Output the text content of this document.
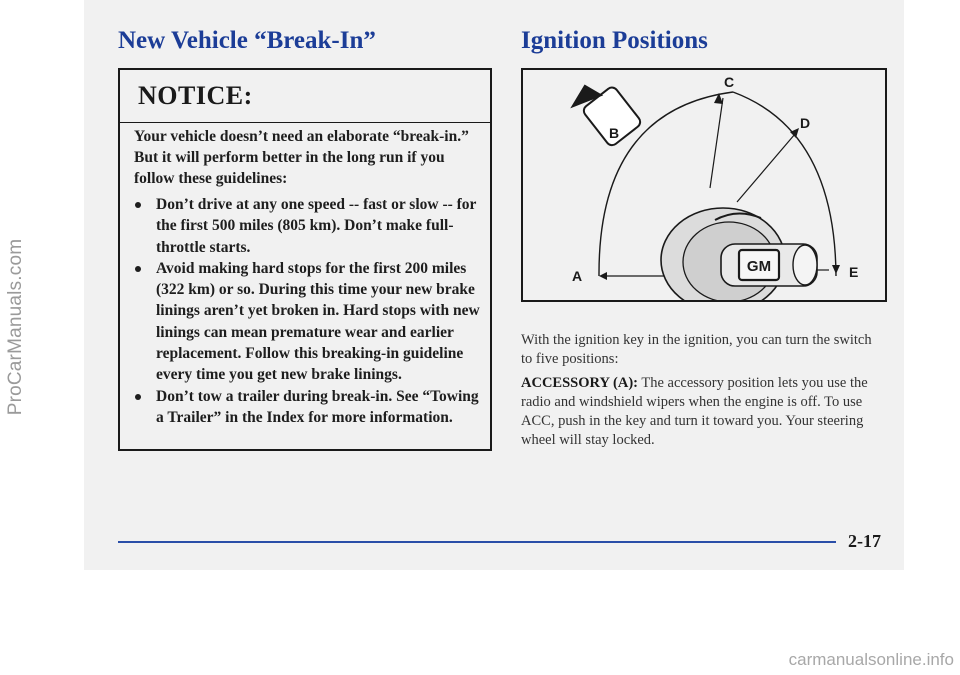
ProCarManuals.com
New Vehicle “Break-In”
NOTICE:
Your vehicle doesn’t need an elaborate “break-in.” But it will perform better in the long run if you follow these guidelines:
Don’t drive at any one speed -- fast or slow -- for the first 500 miles (805 km). Don’t make full-throttle starts.
Avoid making hard stops for the first 200 miles (322 km) or so. During this time your new brake linings aren’t yet broken in. Hard stops with new linings can mean premature wear and earlier replacement. Follow this breaking-in guideline every time you get new brake linings.
Don’t tow a trailer during break-in. See “Towing a Trailer” in the Index for more information.
Ignition Positions
GM
B
C
D
A	E

With the ignition key in the ignition, you can turn the switch to five positions:

ACCESSORY (A): The accessory position lets you use the radio and windshield wipers when the engine is off. To use ACC, push in the key and turn it toward you. Your steering wheel will stay locked.

2-17
carmanualsonline.info
